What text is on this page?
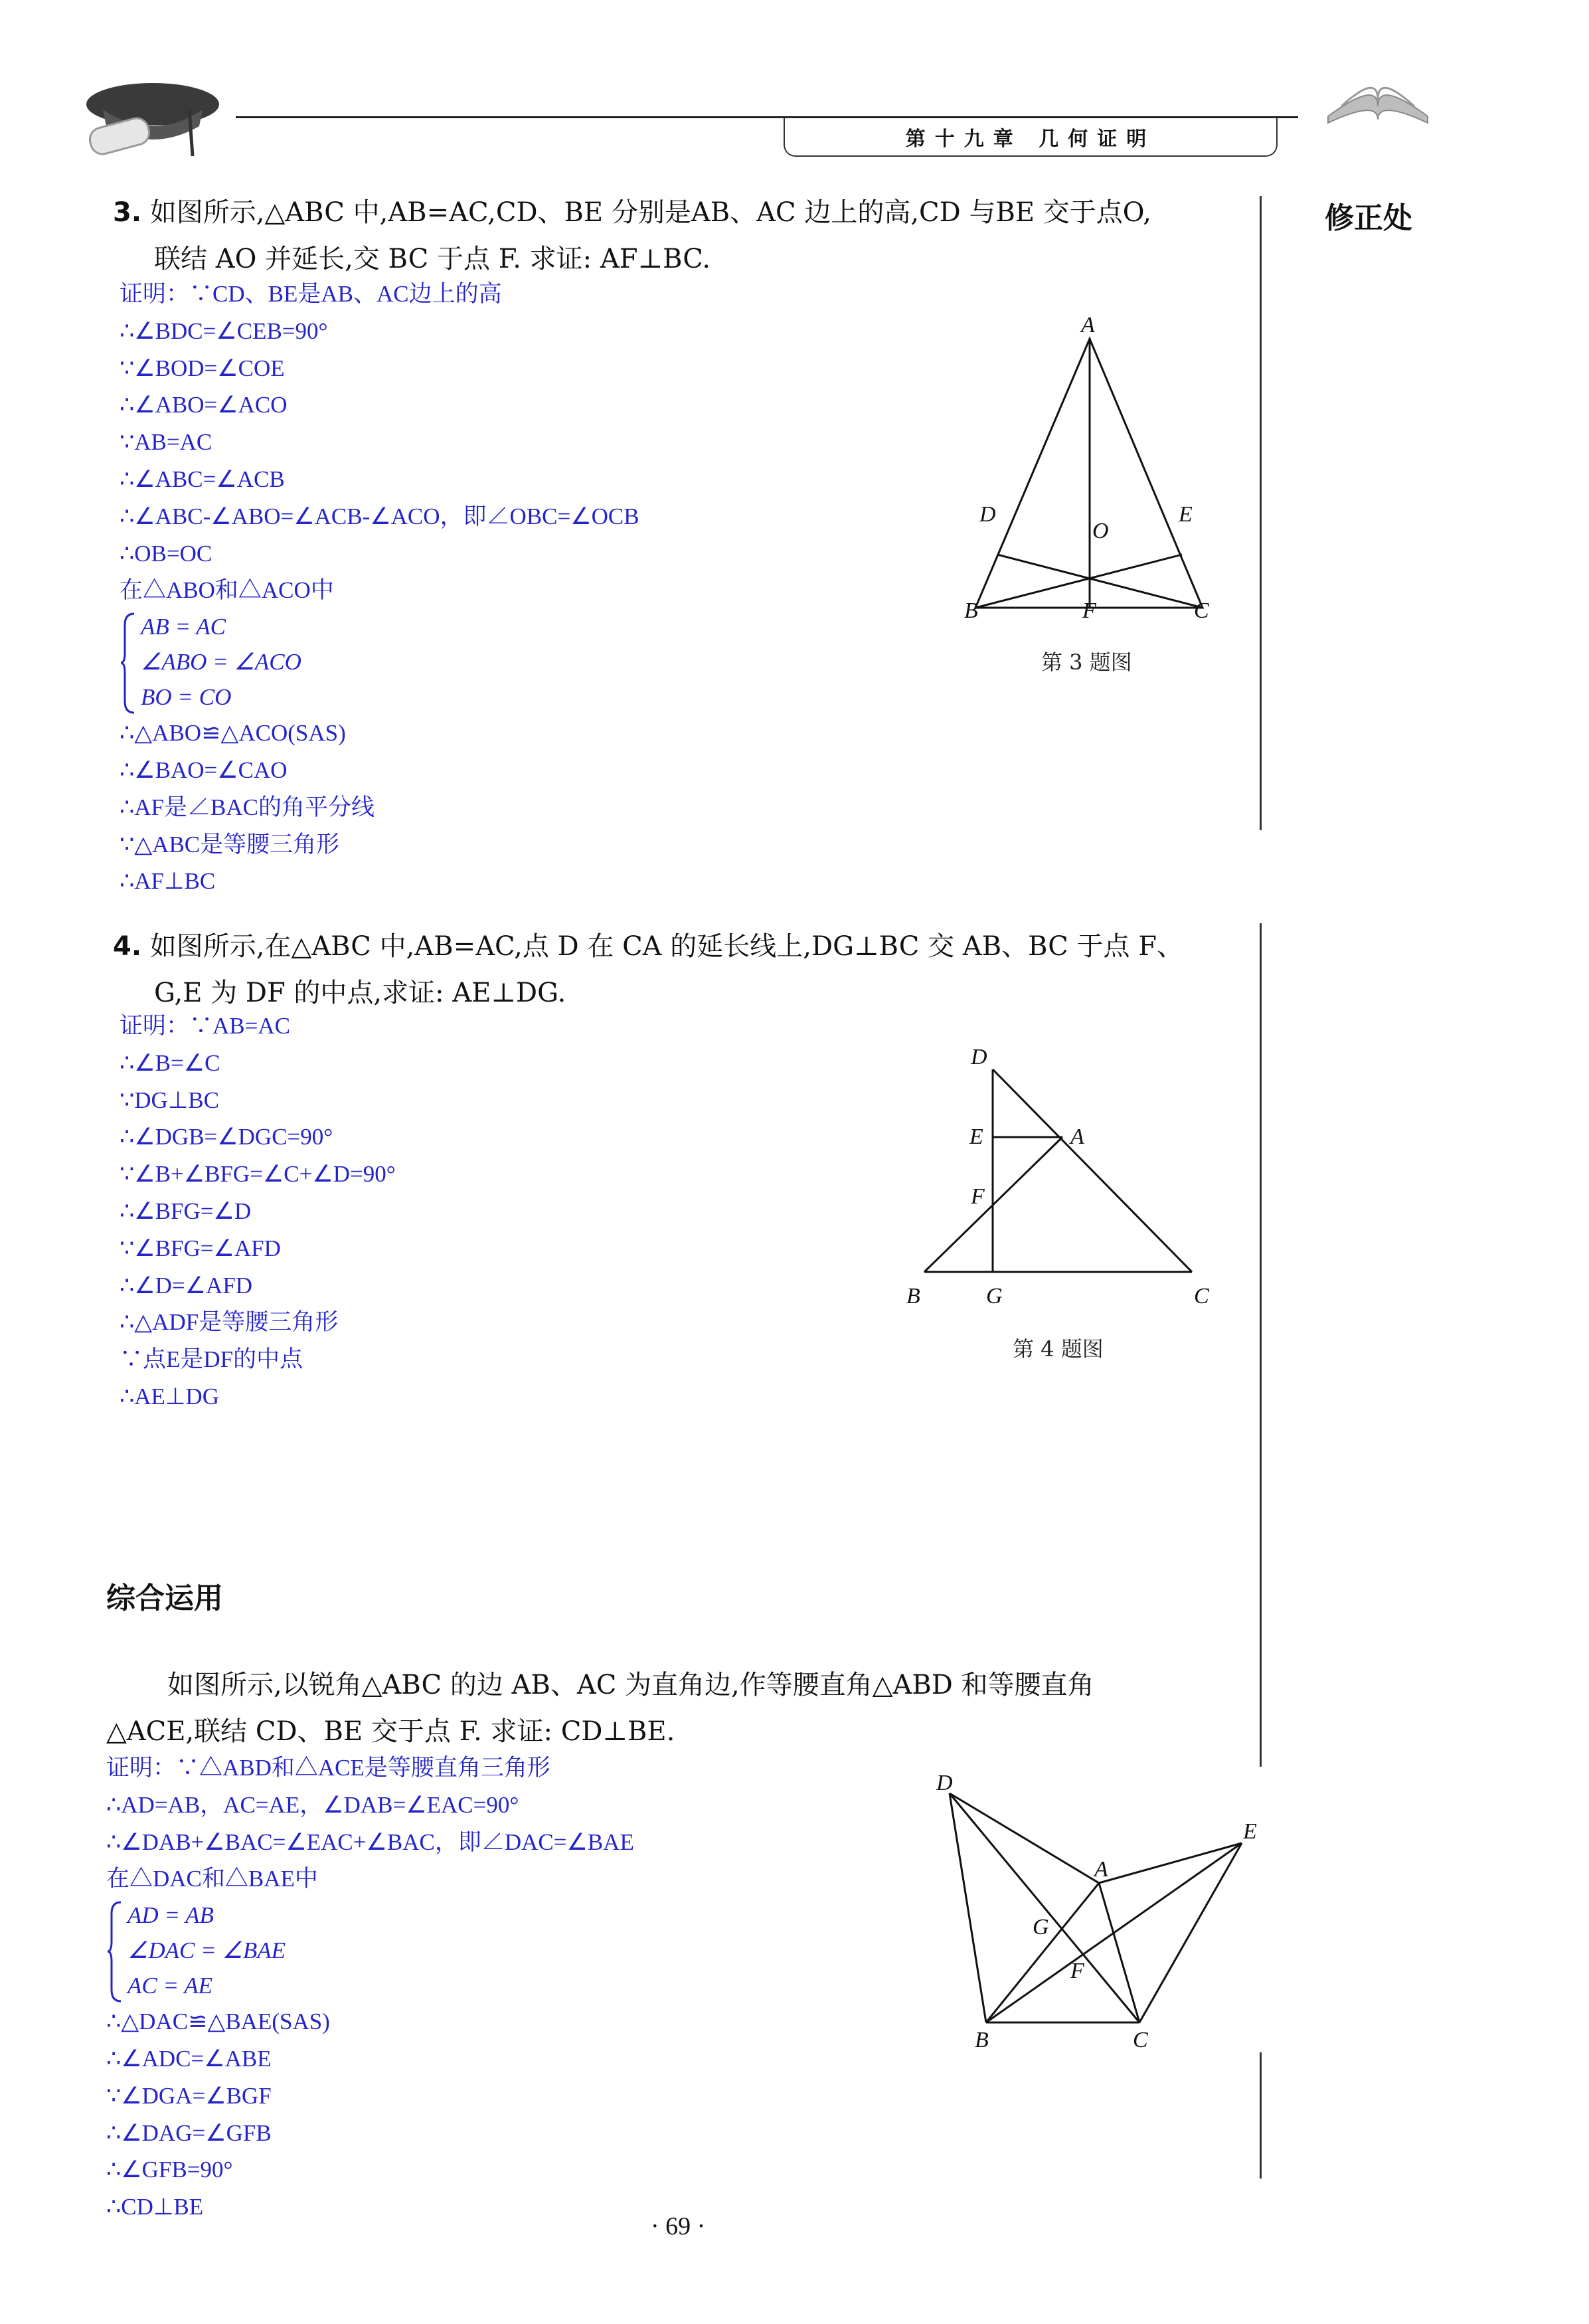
第十九章 几何证明
修正处
3. 如图所示,△ABC 中,AB=AC,CD、BE 分别是AB、AC 边上的高,CD 与BE 交于点O,
联结 AO 并延长,交 BC 于点 F. 求证: AF⊥BC.
证明：∵CD、BE是AB、AC边上的高
∴∠BDC=∠CEB=90°
∵∠BOD=∠COE
∴∠ABO=∠ACO
∵AB=AC
∴∠ABC=∠ACB
∴∠ABC-∠ABO=∠ACB-∠ACO，即∠OBC=∠OCB
∴OB=OC
在△ABO和△ACO中
AB = AC
∠ABO = ∠ACO
BO = CO
∴△ABO≌△ACO(SAS)
∴∠BAO=∠CAO
∴AF是∠BAC的角平分线
∵△ABC是等腰三角形
∴AF⊥BC
A
B	C
D	E
F
O
第 3 题图
4. 如图所示,在△ABC 中,AB=AC,点 D 在 CA 的延长线上,DG⊥BC 交 AB、BC 于点 F、
G,E 为 DF 的中点,求证: AE⊥DG.
证明：∵AB=AC
∴∠B=∠C
∵DG⊥BC
∴∠DGB=∠DGC=90°
∵∠B+∠BFG=∠C+∠D=90°
∴∠BFG=∠D
∵∠BFG=∠AFD
∴∠D=∠AFD
∴△ADF是等腰三角形
∵点E是DF的中点
∴AE⊥DG
D
E	A
F
B	G	C
第 4 题图
综合运用
如图所示,以锐角△ABC 的边 AB、AC 为直角边,作等腰直角△ABD 和等腰直角
△ACE,联结 CD、BE 交于点 F. 求证: CD⊥BE.
证明：∵△ABD和△ACE是等腰直角三角形
∴AD=AB，AC=AE，∠DAB=∠EAC=90°
∴∠DAB+∠BAC=∠EAC+∠BAC，即∠DAC=∠BAE
在△DAC和△BAE中
AD = AB
∠DAC = ∠BAE
AC = AE
∴△DAC≌△BAE(SAS)
∴∠ADC=∠ABE
∵∠DGA=∠BGF
∴∠DAG=∠GFB
∴∠GFB=90°
∴CD⊥BE
D
A
E
G
F
B	C
· 69 ·
